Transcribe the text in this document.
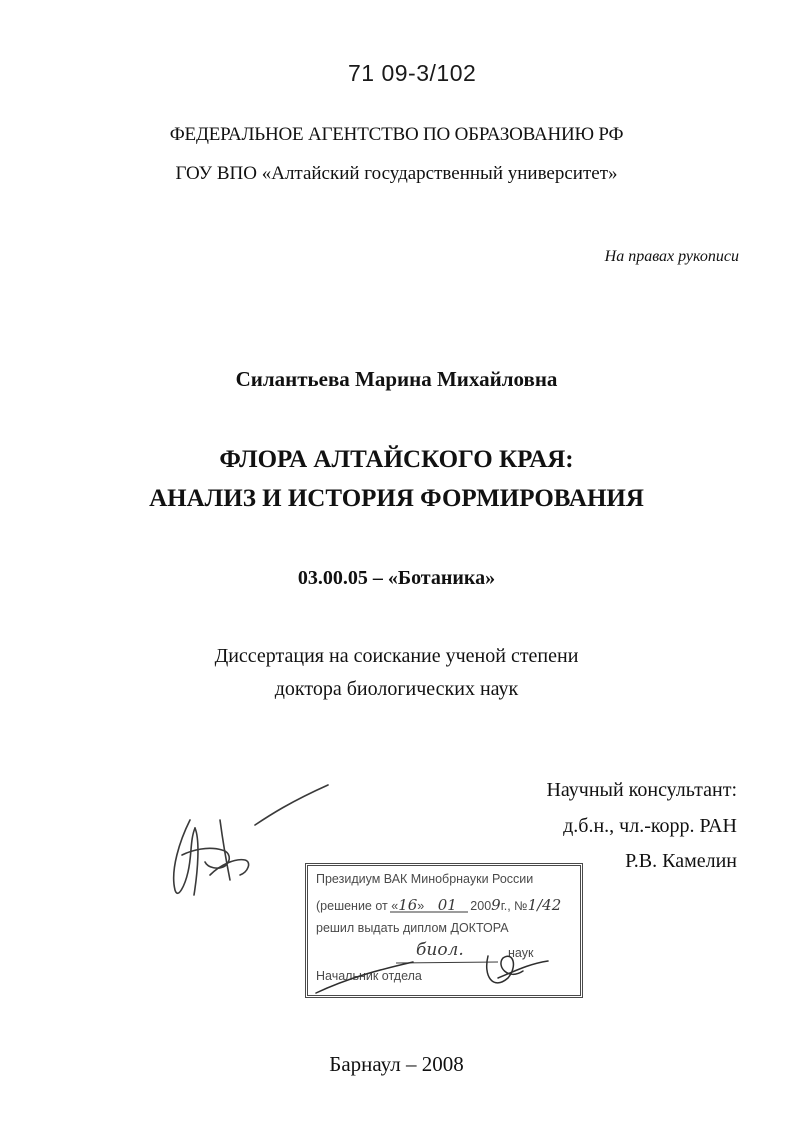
71 09-3/102
ФЕДЕРАЛЬНОЕ АГЕНТСТВО ПО ОБРАЗОВАНИЮ РФ
ГОУ ВПО «Алтайский государственный университет»
На правах рукописи
Силантьева Марина Михайловна
ФЛОРА АЛТАЙСКОГО КРАЯ:
АНАЛИЗ И ИСТОРИЯ ФОРМИРОВАНИЯ
03.00.05 – «Ботаника»
Диссертация на соискание ученой степени
доктора биологических наук
Научный консультант:
д.б.н., чл.-корр. РАН
Р.В. Камелин
Президиум ВАК Минобрнауки России
(решение от «16» 01 2009г., №1/42
решил выдать диплом ДОКТОРА
биол.	наук
Начальник отдела
Барнаул – 2008
